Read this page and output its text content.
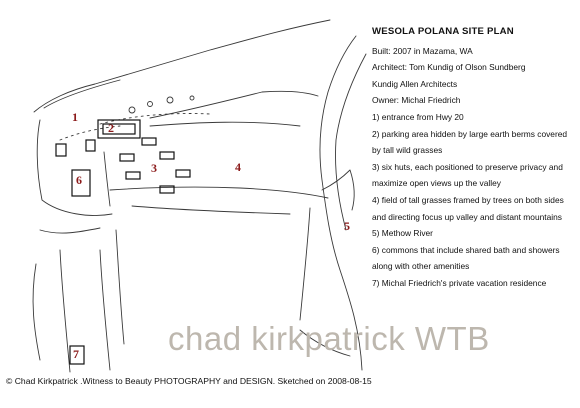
1
2
3	4
5
6
7	chad kirkpatrick WTB
WESOLA POLANA SITE PLAN
Built: 2007 in Mazama, WA
Architect: Tom Kundig of Olson Sundberg
Kundig Allen Architects
Owner: Michal Friedrich
1) entrance from Hwy 20
2) parking area hidden by large earth berms covered by tall wild grasses
3) six huts, each positioned to preserve privacy and maximize open views up the valley
4) field of tall grasses framed by trees on both sides and directing focus up valley and distant mountains
5) Methow River
6) commons that include shared bath and showers along with other amenities
7) Michal Friedrich's private vacation residence
© Chad Kirkpatrick .Witness to Beauty PHOTOGRAPHY and DESIGN. Sketched on 2008-08-15
